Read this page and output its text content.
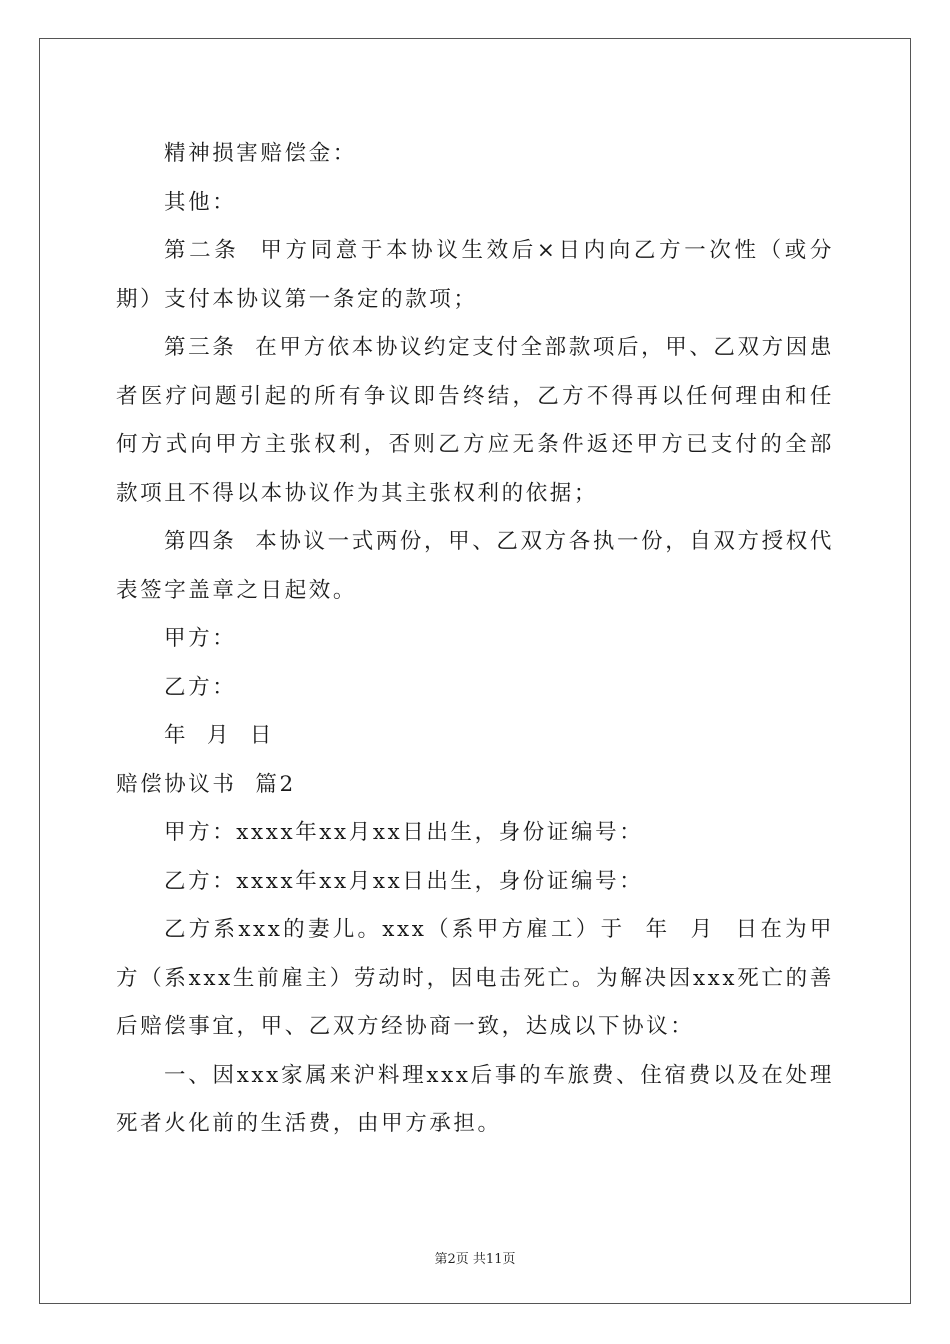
精神损害赔偿金：

其他：

第二条  甲方同意于本协议生效后×日内向乙方一次性（或分期）支付本协议第一条定的款项；

第三条  在甲方依本协议约定支付全部款项后，甲、乙双方因患者医疗问题引起的所有争议即告终结，乙方不得再以任何理由和任何方式向甲方主张权利，否则乙方应无条件返还甲方已支付的全部款项且不得以本协议作为其主张权利的依据；

第四条  本协议一式两份，甲、乙双方各执一份，自双方授权代表签字盖章之日起效。

甲方：

乙方：

年  月  日

赔偿协议书  篇2

甲方：xxxx年xx月xx日出生，身份证编号：

乙方：xxxx年xx月xx日出生，身份证编号：

乙方系xxx的妻儿。xxx（系甲方雇工）于  年  月  日在为甲方（系xxx生前雇主）劳动时，因电击死亡。为解决因xxx死亡的善后赔偿事宜，甲、乙双方经协商一致，达成以下协议：

一、因xxx家属来沪料理xxx后事的车旅费、住宿费以及在处理死者火化前的生活费，由甲方承担。

第2页 共11页
